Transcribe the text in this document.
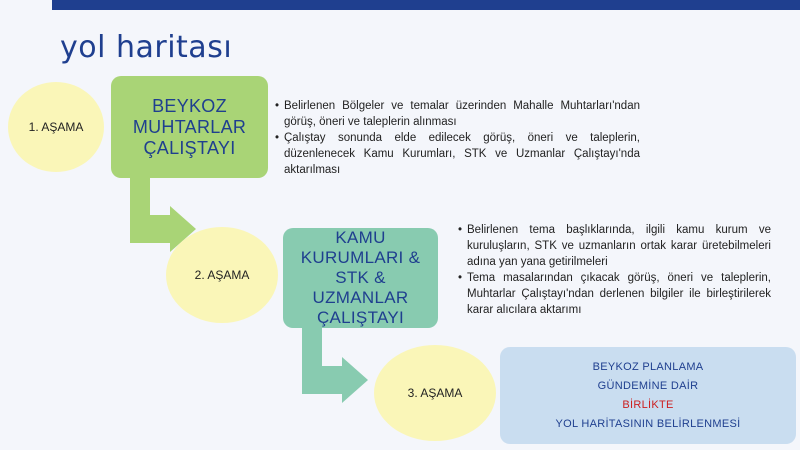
yol haritası
1. AŞAMA
BEYKOZ
MUHTARLAR
ÇALIŞTAYI
• Belirlenen Bölgeler ve temalar üzerinden Mahalle Muhtarları'ndan görüş, öneri ve taleplerin alınması
• Çalıştay sonunda elde edilecek görüş, öneri ve taleplerin, düzenlenecek Kamu Kurumları, STK ve Uzmanlar Çalıştayı'nda aktarılması
2. AŞAMA
KAMU
KURUMLARI &
STK &
UZMANLAR
ÇALIŞTAYI
• Belirlenen tema başlıklarında, ilgili kamu kurum ve kuruluşların, STK ve uzmanların ortak karar üretebilmeleri adına yan yana getirilmeleri
• Tema masalarından çıkacak görüş, öneri ve taleplerin, Muhtarlar Çalıştayı'ndan derlenen bilgiler ile birleştirilerek karar alıcılara aktarımı
3. AŞAMA
BEYKOZ PLANLAMA
GÜNDEMİNE DAİR
BİRLİKTE
YOL HARİTASININ BELİRLENMESİ
